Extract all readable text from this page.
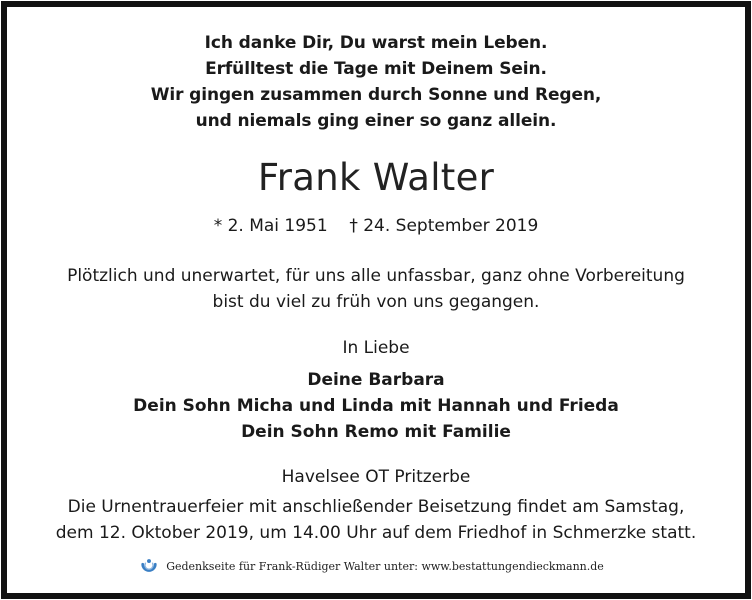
Ich danke Dir, Du warst mein Leben.
Erfülltest die Tage mit Deinem Sein.
Wir gingen zusammen durch Sonne und Regen,
und niemals ging einer so ganz allein.
Frank Walter
* 2. Mai 1951 † 24. September 2019
Plötzlich und unerwartet, für uns alle unfassbar, ganz ohne Vorbereitung
bist du viel zu früh von uns gegangen.
In Liebe
Deine Barbara
Dein Sohn Micha und Linda mit Hannah und Frieda
Dein Sohn Remo mit Familie
Havelsee OT Pritzerbe
Die Urnentrauerfeier mit anschließender Beisetzung findet am Samstag,
dem 12. Oktober 2019, um 14.00 Uhr auf dem Friedhof in Schmerzke statt.
Gedenkseite für Frank-Rüdiger Walter unter: www.bestattungendieckmann.de
